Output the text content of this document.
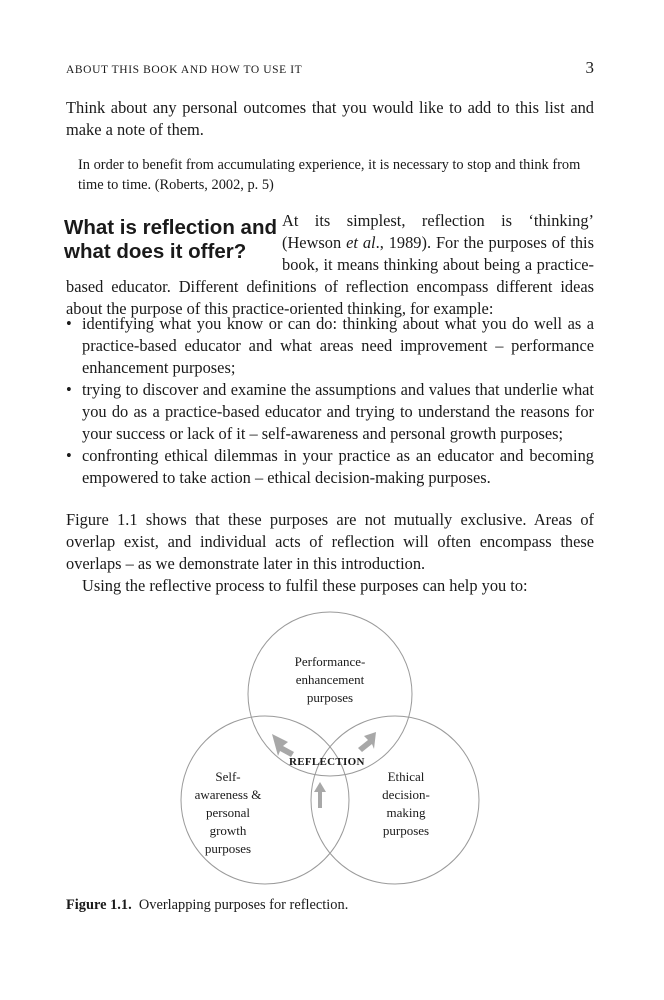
ABOUT THIS BOOK AND HOW TO USE IT	3

Think about any personal outcomes that you would like to add to this list and make a note of them.

In order to benefit from accumulating experience, it is necessary to stop and think from time to time. (Roberts, 2002, p. 5)

What is reflection and what does it offer?

At its simplest, reflection is ‘thinking’ (Hewson et al., 1989). For the purposes of this book, it means thinking about being a practice-based educator. Different definitions of reflection encompass different ideas about the purpose of this practice-oriented thinking, for example:

• identifying what you know or can do: thinking about what you do well as a practice-based educator and what areas need improvement – performance enhancement purposes;
• trying to discover and examine the assumptions and values that underlie what you do as a practice-based educator and trying to understand the reasons for your success or lack of it – self-awareness and personal growth purposes;
• confronting ethical dilemmas in your practice as an educator and becoming empowered to take action – ethical decision-making purposes.

Figure 1.1 shows that these purposes are not mutually exclusive. Areas of overlap exist, and individual acts of reflection will often encompass these overlaps – as we demonstrate later in this introduction.

Using the reflective process to fulfil these purposes can help you to:

Performance-
enhancement
purposes
REFLECTION
Self-
awareness &
personal
growth
purposes
Ethical
decision-
making
purposes

Figure 1.1. Overlapping purposes for reflection.
